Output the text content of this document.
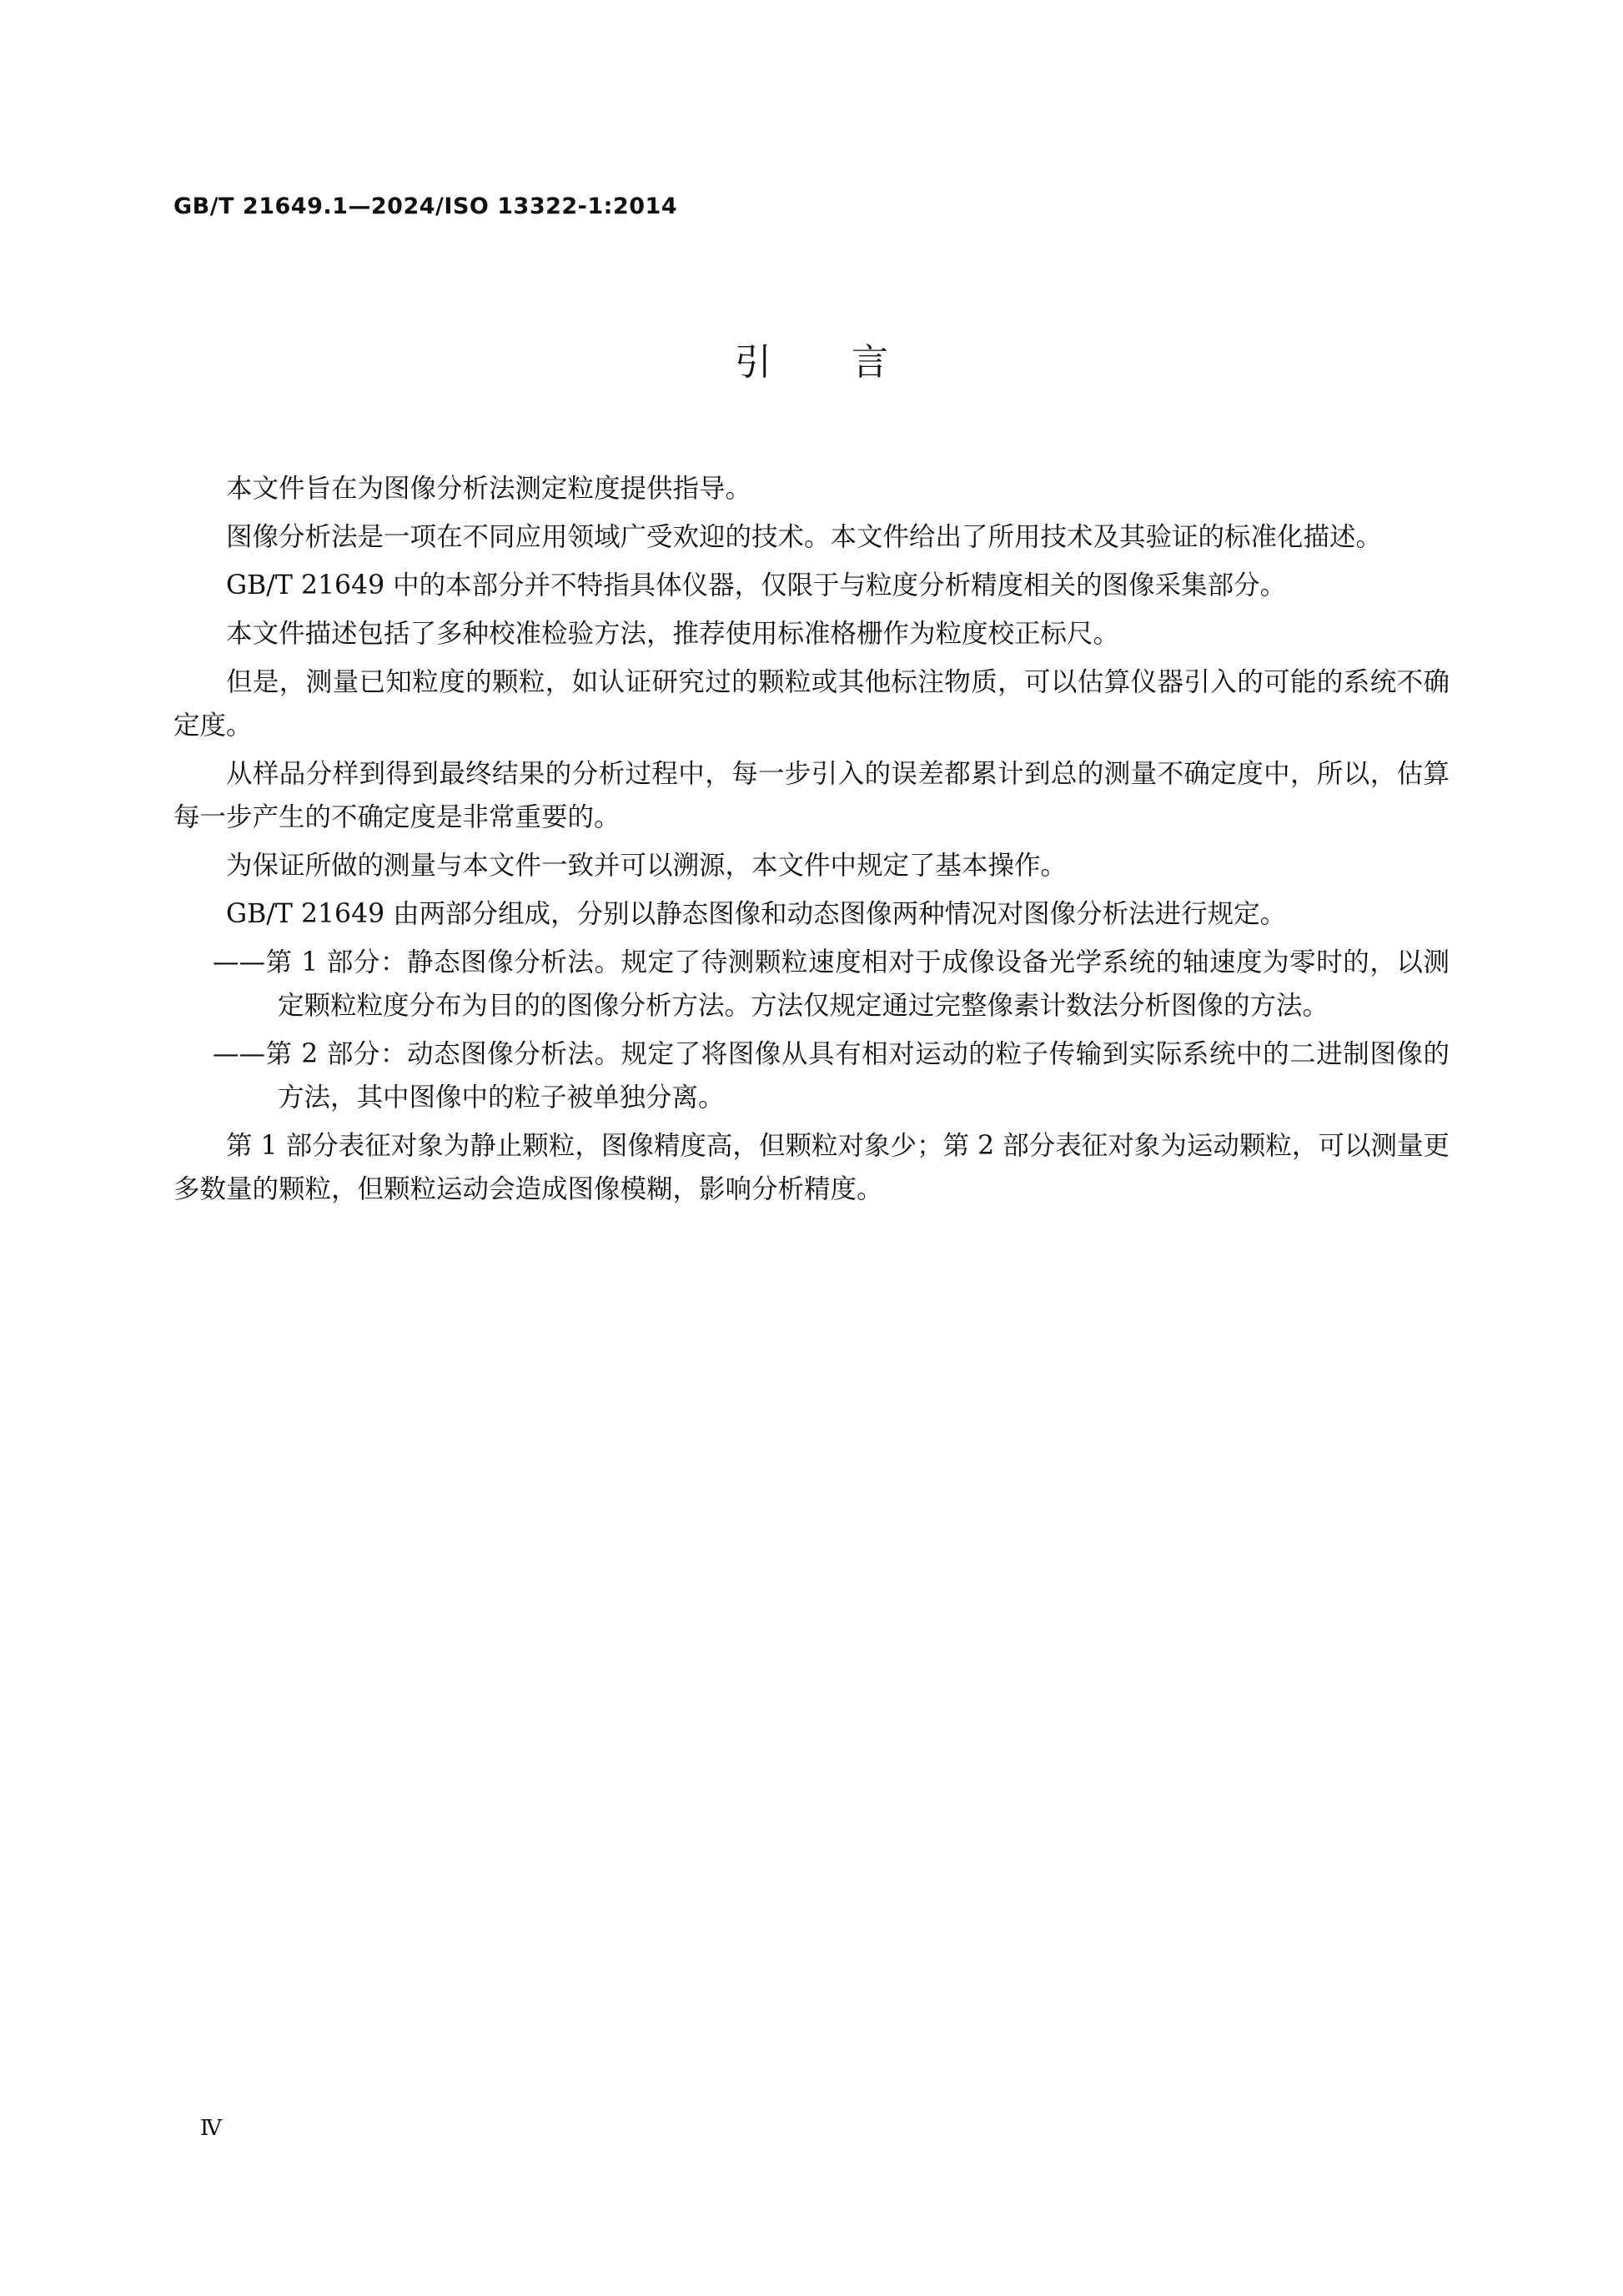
GB/T 21649.1—2024/ISO 13322-1:2014
引言

本文件旨在为图像分析法测定粒度提供指导。

图像分析法是一项在不同应用领域广受欢迎的技术。本文件给出了所用技术及其验证的标准化描述。

GB/T 21649 中的本部分并不特指具体仪器，仅限于与粒度分析精度相关的图像采集部分。

本文件描述包括了多种校准检验方法，推荐使用标准格栅作为粒度校正标尺。

但是，测量已知粒度的颗粒，如认证研究过的颗粒或其他标注物质，可以估算仪器引入的可能的系统不确定度。

从样品分样到得到最终结果的分析过程中，每一步引入的误差都累计到总的测量不确定度中，所以，估算每一步产生的不确定度是非常重要的。

为保证所做的测量与本文件一致并可以溯源，本文件中规定了基本操作。

GB/T 21649 由两部分组成，分别以静态图像和动态图像两种情况对图像分析法进行规定。

——第 1 部分：静态图像分析法。规定了待测颗粒速度相对于成像设备光学系统的轴速度为零时的，以测定颗粒粒度分布为目的的图像分析方法。方法仅规定通过完整像素计数法分析图像的方法。

——第 2 部分：动态图像分析法。规定了将图像从具有相对运动的粒子传输到实际系统中的二进制图像的方法，其中图像中的粒子被单独分离。

第 1 部分表征对象为静止颗粒，图像精度高，但颗粒对象少；第 2 部分表征对象为运动颗粒，可以测量更多数量的颗粒，但颗粒运动会造成图像模糊，影响分析精度。

Ⅳ
